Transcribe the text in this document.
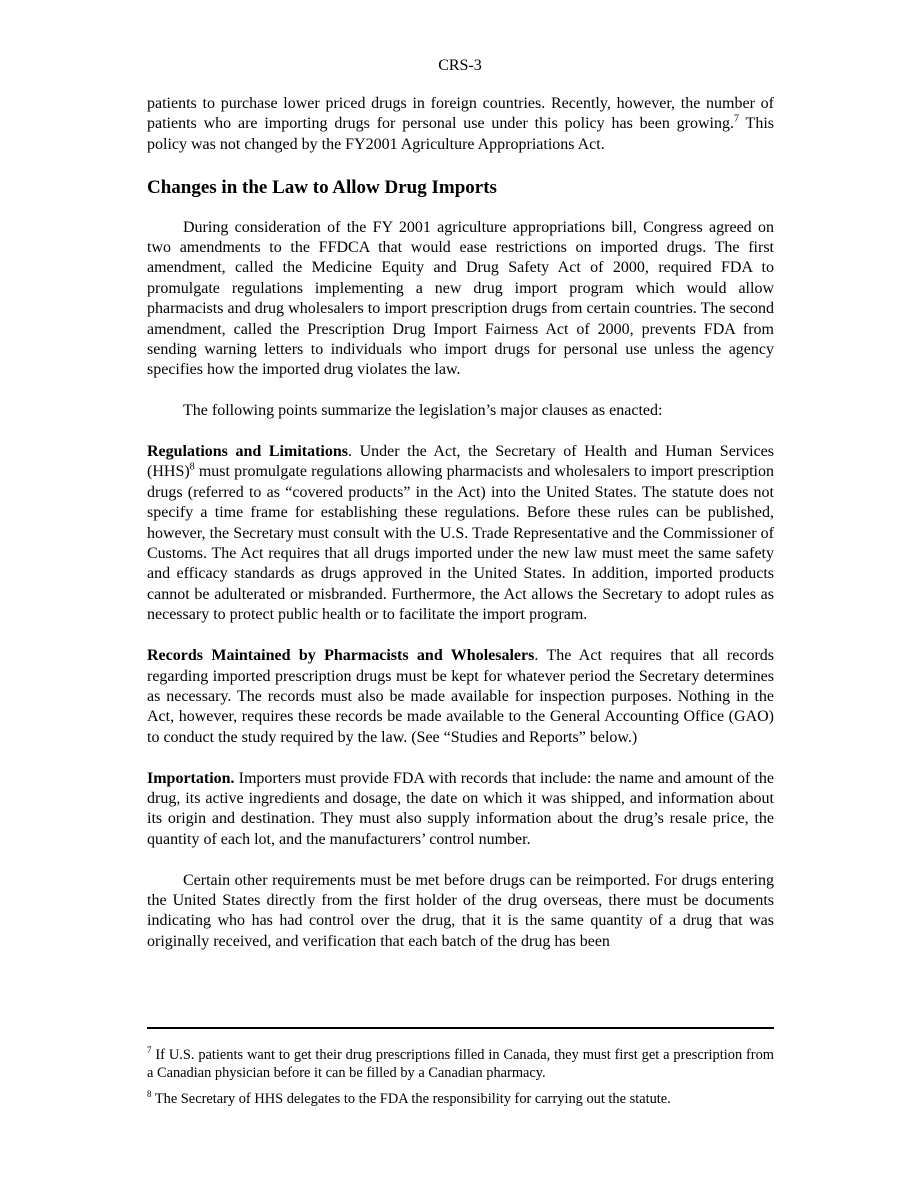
CRS-3

patients to purchase lower priced drugs in foreign countries. Recently, however, the number of patients who are importing drugs for personal use under this policy has been growing.$^7$ This policy was not changed by the FY2001 Agriculture Appropriations Act.

Changes in the Law to Allow Drug Imports

During consideration of the FY 2001 agriculture appropriations bill, Congress agreed on two amendments to the FFDCA that would ease restrictions on imported drugs. The first amendment, called the Medicine Equity and Drug Safety Act of 2000, required FDA to promulgate regulations implementing a new drug import program which would allow pharmacists and drug wholesalers to import prescription drugs from certain countries. The second amendment, called the Prescription Drug Import Fairness Act of 2000, prevents FDA from sending warning letters to individuals who import drugs for personal use unless the agency specifies how the imported drug violates the law.

The following points summarize the legislation’s major clauses as enacted:

Regulations and Limitations. Under the Act, the Secretary of Health and Human Services (HHS)$^8$ must promulgate regulations allowing pharmacists and wholesalers to import prescription drugs (referred to as “covered products” in the Act) into the United States. The statute does not specify a time frame for establishing these regulations. Before these rules can be published, however, the Secretary must consult with the U.S. Trade Representative and the Commissioner of Customs. The Act requires that all drugs imported under the new law must meet the same safety and efficacy standards as drugs approved in the United States. In addition, imported products cannot be adulterated or misbranded. Furthermore, the Act allows the Secretary to adopt rules as necessary to protect public health or to facilitate the import program.

Records Maintained by Pharmacists and Wholesalers. The Act requires that all records regarding imported prescription drugs must be kept for whatever period the Secretary determines as necessary. The records must also be made available for inspection purposes. Nothing in the Act, however, requires these records be made available to the General Accounting Office (GAO) to conduct the study required by the law. (See “Studies and Reports” below.)

Importation. Importers must provide FDA with records that include: the name and amount of the drug, its active ingredients and dosage, the date on which it was shipped, and information about its origin and destination. They must also supply information about the drug’s resale price, the quantity of each lot, and the manufacturers’ control number.

Certain other requirements must be met before drugs can be reimported. For drugs entering the United States directly from the first holder of the drug overseas, there must be documents indicating who has had control over the drug, that it is the same quantity of a drug that was originally received, and verification that each batch of the drug has been

$^7$ If U.S. patients want to get their drug prescriptions filled in Canada, they must first get a prescription from a Canadian physician before it can be filled by a Canadian pharmacy.

$^8$ The Secretary of HHS delegates to the FDA the responsibility for carrying out the statute.
